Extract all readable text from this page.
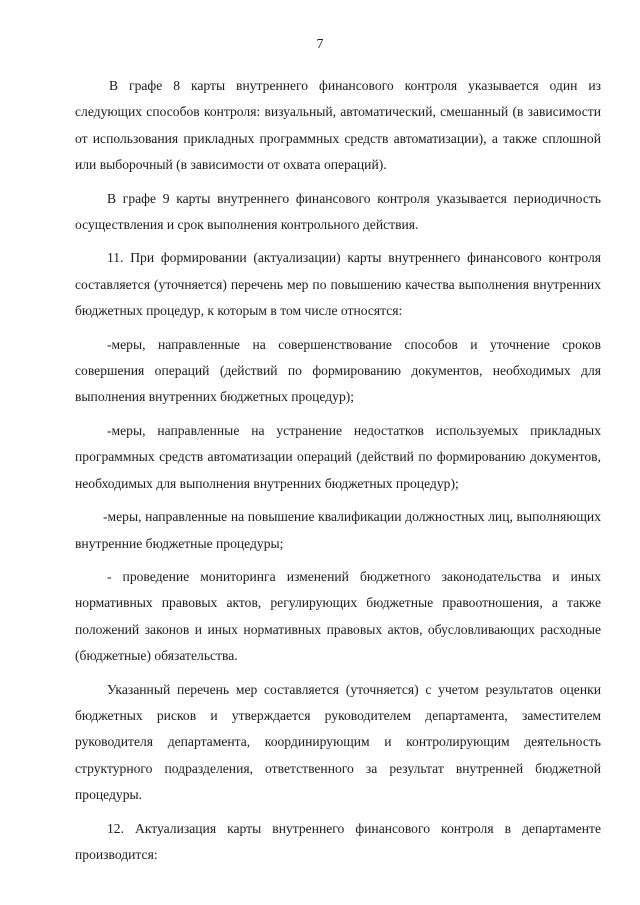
7

В графе 8 карты внутреннего финансового контроля указывается один из следующих способов контроля: визуальный, автоматический, смешанный (в зависимости от использования прикладных программных средств автоматизации), а также сплошной или выборочный (в зависимости от охвата операций).

В графе 9 карты внутреннего финансового контроля указывается периодичность осуществления и срок выполнения контрольного действия.

11. При формировании (актуализации) карты внутреннего финансового контроля составляется (уточняется) перечень мер по повышению качества выполнения внутренних бюджетных процедур, к которым в том числе относятся:

-меры, направленные на совершенствование способов и уточнение сроков совершения операций (действий по формированию документов, необходимых для выполнения внутренних бюджетных процедур);

-меры, направленные на устранение недостатков используемых прикладных программных средств автоматизации операций (действий по формированию документов, необходимых для выполнения внутренних бюджетных процедур);

-меры, направленные на повышение квалификации должностных лиц, выполняющих внутренние бюджетные процедуры;

- проведение мониторинга изменений бюджетного законодательства и иных нормативных правовых актов, регулирующих бюджетные правоотношения, а также положений законов и иных нормативных правовых актов, обусловливающих расходные (бюджетные) обязательства.

Указанный перечень мер составляется (уточняется) с учетом результатов оценки бюджетных рисков и утверждается руководителем департамента, заместителем руководителя департамента, координирующим и контролирующим деятельность структурного подразделения, ответственного за результат внутренней бюджетной процедуры.

12. Актуализация карты внутреннего финансового контроля в департаменте производится:
